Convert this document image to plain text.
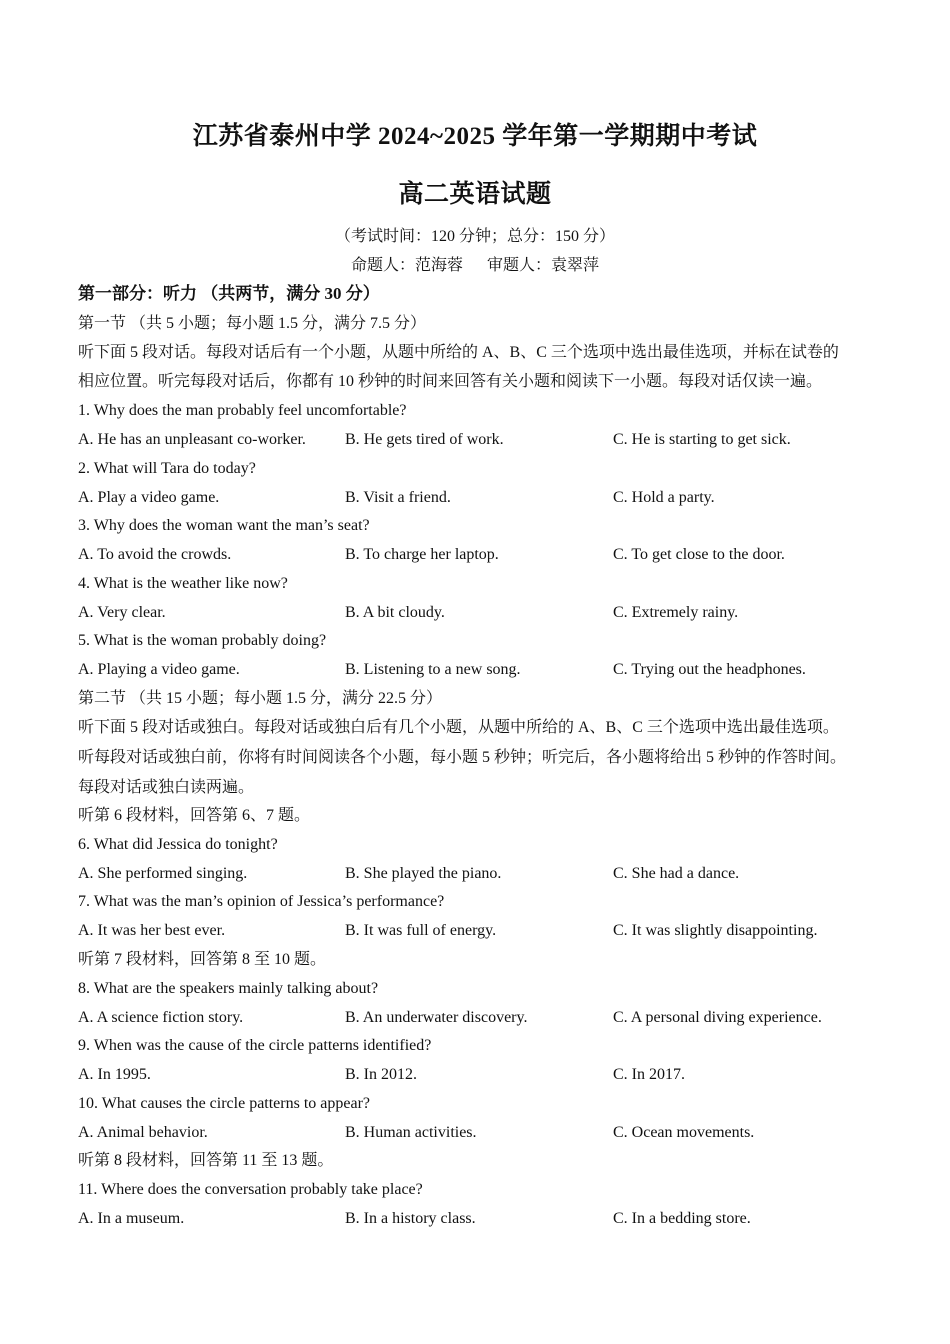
江苏省泰州中学 2024~2025 学年第一学期期中考试
高二英语试题
（考试时间：120 分钟；总分：150 分）
命题人：范海蓉 审题人：袁翠萍
第一部分：听力 （共两节，满分 30 分）
第一节 （共 5 小题；每小题 1.5 分，满分 7.5 分）
听下面 5 段对话。每段对话后有一个小题，从题中所给的 A、B、C 三个选项中选出最佳选项，并标在试卷的
相应位置。听完每段对话后，你都有 10 秒钟的时间来回答有关小题和阅读下一小题。每段对话仅读一遍。
1. Why does the man probably feel uncomfortable?
A. He has an unpleasant co-worker. B. He gets tired of work.	C. He is starting to get sick.
2. What will Tara do today?
A. Play a video game.	B. Visit a friend.	C. Hold a party.
3. Why does the woman want the man’s seat?
A. To avoid the crowds.	B. To charge her laptop.	C. To get close to the door.
4. What is the weather like now?
A. Very clear.	B. A bit cloudy.	C. Extremely rainy.
5. What is the woman probably doing?
A. Playing a video game.	B. Listening to a new song.	C. Trying out the headphones.
第二节 （共 15 小题；每小题 1.5 分，满分 22.5 分）
听下面 5 段对话或独白。每段对话或独白后有几个小题，从题中所给的 A、B、C 三个选项中选出最佳选项。
听每段对话或独白前，你将有时间阅读各个小题，每小题 5 秒钟；听完后，各小题将给出 5 秒钟的作答时间。
每段对话或独白读两遍。
听第 6 段材料，回答第 6、7 题。
6. What did Jessica do tonight?
A. She performed singing.	B. She played the piano.	C. She had a dance.
7. What was the man’s opinion of Jessica’s performance?
A. It was her best ever.	B. It was full of energy.	C. It was slightly disappointing.
听第 7 段材料，回答第 8 至 10 题。
8. What are the speakers mainly talking about?
A. A science fiction story.	B. An underwater discovery.	C. A personal diving experience.
9. When was the cause of the circle patterns identified?
A. In 1995.	B. In 2012.	C. In 2017.
10. What causes the circle patterns to appear?
A. Animal behavior.	B. Human activities.	C. Ocean movements.
听第 8 段材料，回答第 11 至 13 题。
11. Where does the conversation probably take place?
A. In a museum.	B. In a history class.	C. In a bedding store.
